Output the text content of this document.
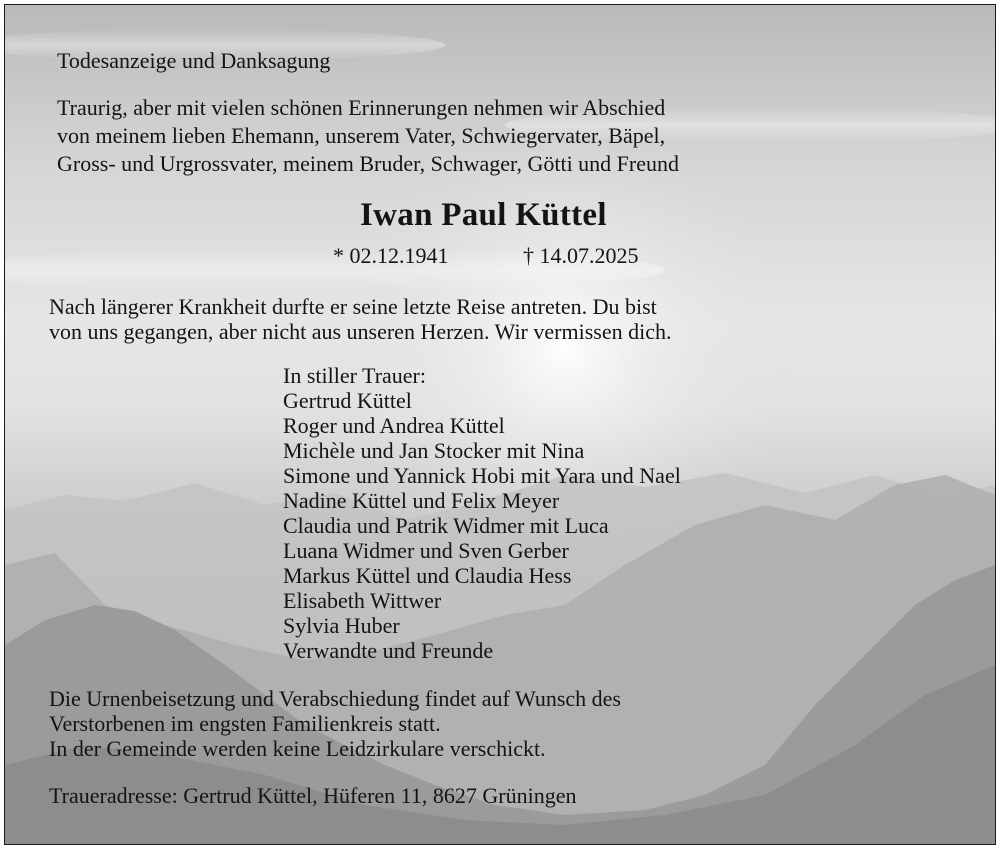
Todesanzeige und Danksagung
Traurig, aber mit vielen schönen Erinnerungen nehmen wir Abschied
von meinem lieben Ehemann, unserem Vater, Schwiegervater, Bäpel,
Gross- und Urgrossvater, meinem Bruder, Schwager, Götti und Freund
Iwan Paul Küttel
* 02.12.1941	† 14.07.2025
Nach längerer Krankheit durfte er seine letzte Reise antreten. Du bist
von uns gegangen, aber nicht aus unseren Herzen. Wir vermissen dich.
In stiller Trauer:
Gertrud Küttel
Roger und Andrea Küttel
Michèle und Jan Stocker mit Nina
Simone und Yannick Hobi mit Yara und Nael
Nadine Küttel und Felix Meyer
Claudia und Patrik Widmer mit Luca
Luana Widmer und Sven Gerber
Markus Küttel und Claudia Hess
Elisabeth Wittwer
Sylvia Huber
Verwandte und Freunde
Die Urnenbeisetzung und Verabschiedung findet auf Wunsch des
Verstorbenen im engsten Familienkreis statt.
In der Gemeinde werden keine Leidzirkulare verschickt.
Traueradresse: Gertrud Küttel, Hüferen 11, 8627 Grüningen
